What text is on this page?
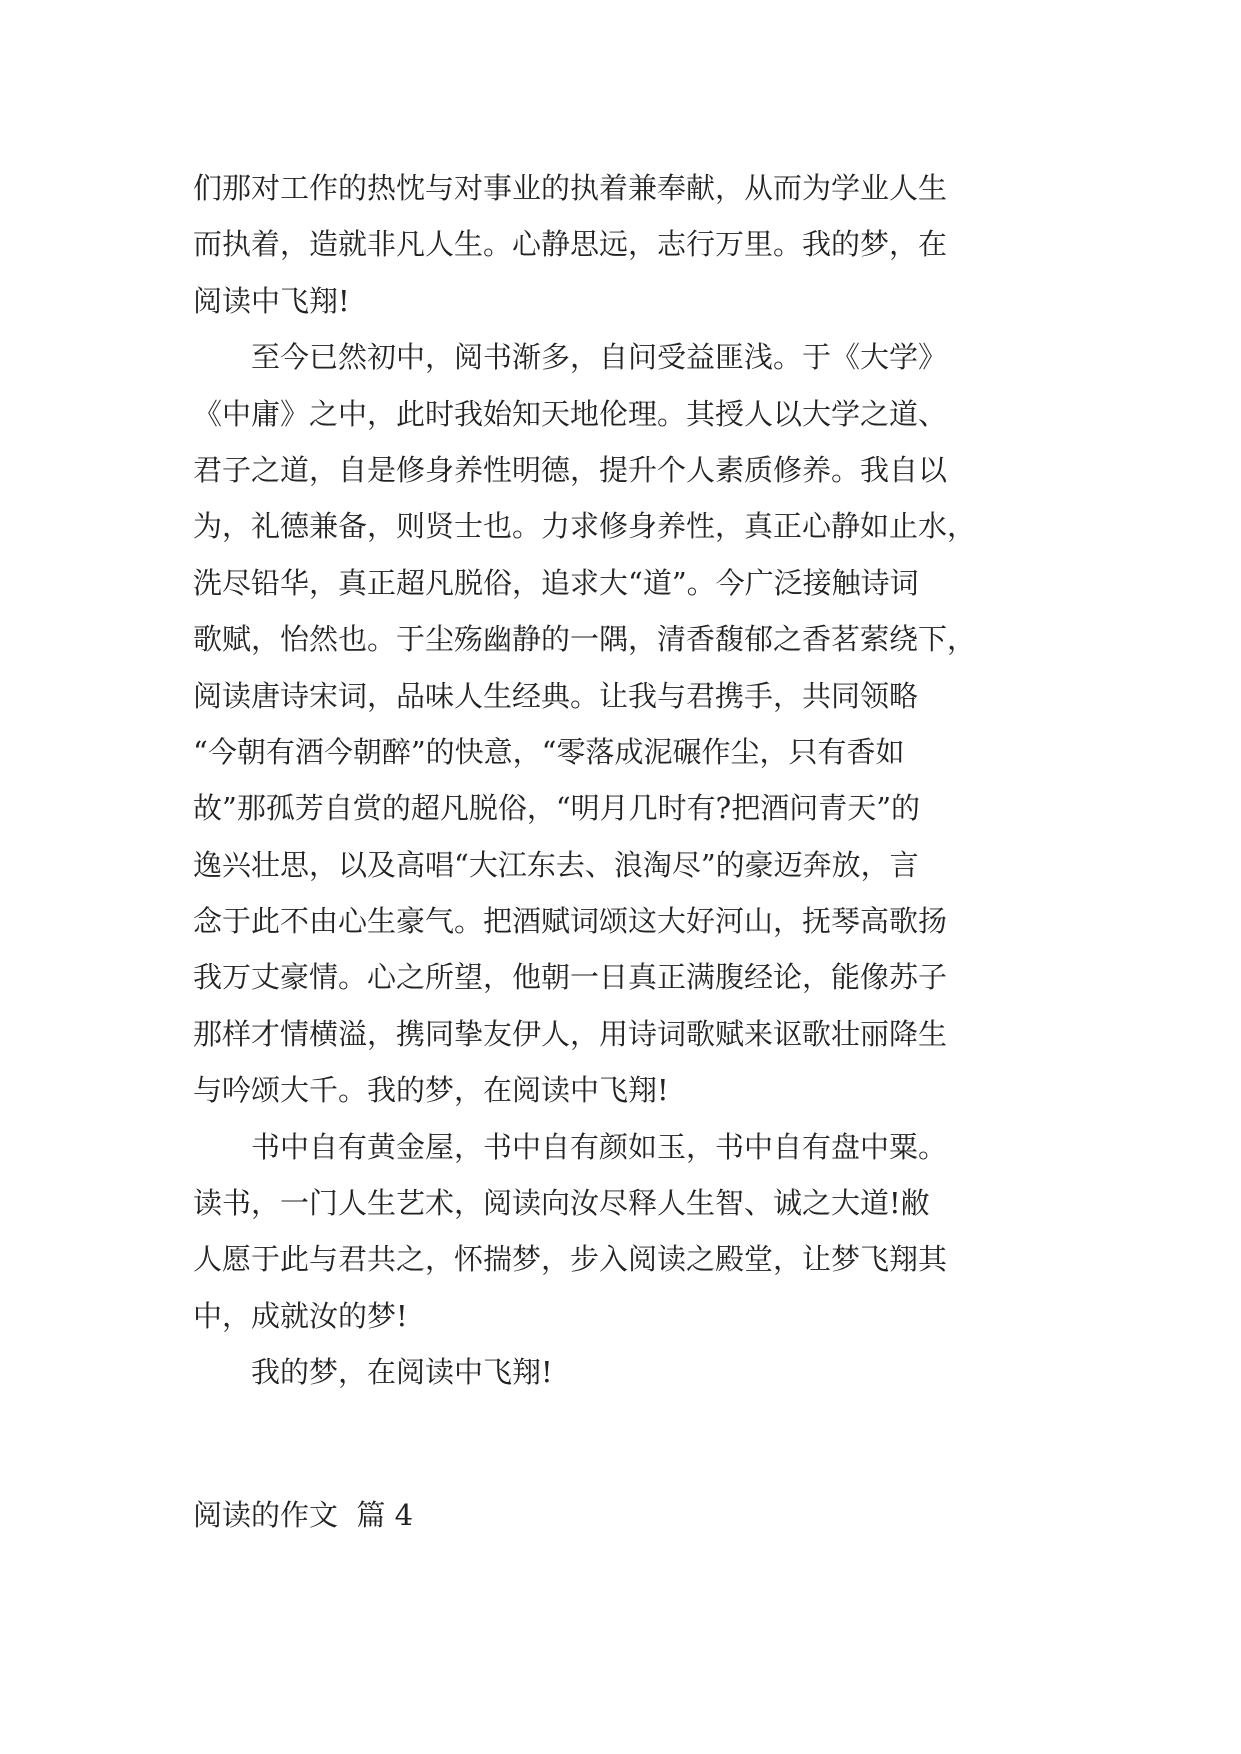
们那对工作的热忱与对事业的执着兼奉献，从而为学业人生

而执着，造就非凡人生。心静思远，志行万里。我的梦，在

阅读中飞翔!

至今已然初中，阅书渐多，自问受益匪浅。于《大学》

《中庸》之中，此时我始知天地伦理。其授人以大学之道、

君子之道，自是修身养性明德，提升个人素质修养。我自以

为，礼德兼备，则贤士也。力求修身养性，真正心静如止水，

洗尽铅华，真正超凡脱俗，追求大“道”。今广泛接触诗词

歌赋，怡然也。于尘殇幽静的一隅，清香馥郁之香茗萦绕下，

阅读唐诗宋词，品味人生经典。让我与君携手，共同领略

“今朝有酒今朝醉”的快意，“零落成泥碾作尘，只有香如

故”那孤芳自赏的超凡脱俗，“明月几时有?把酒问青天”的

逸兴壮思，以及高唱“大江东去、浪淘尽”的豪迈奔放，言

念于此不由心生豪气。把酒赋词颂这大好河山，抚琴高歌扬

我万丈豪情。心之所望，他朝一日真正满腹经论，能像苏子

那样才情横溢，携同挚友伊人，用诗词歌赋来讴歌壮丽降生

与吟颂大千。我的梦，在阅读中飞翔!

书中自有黄金屋，书中自有颜如玉，书中自有盘中粟。

读书，一门人生艺术，阅读向汝尽释人生智、诚之大道!敝

人愿于此与君共之，怀揣梦，步入阅读之殿堂，让梦飞翔其

中，成就汝的梦!

我的梦，在阅读中飞翔!

阅读的作文  篇 4
